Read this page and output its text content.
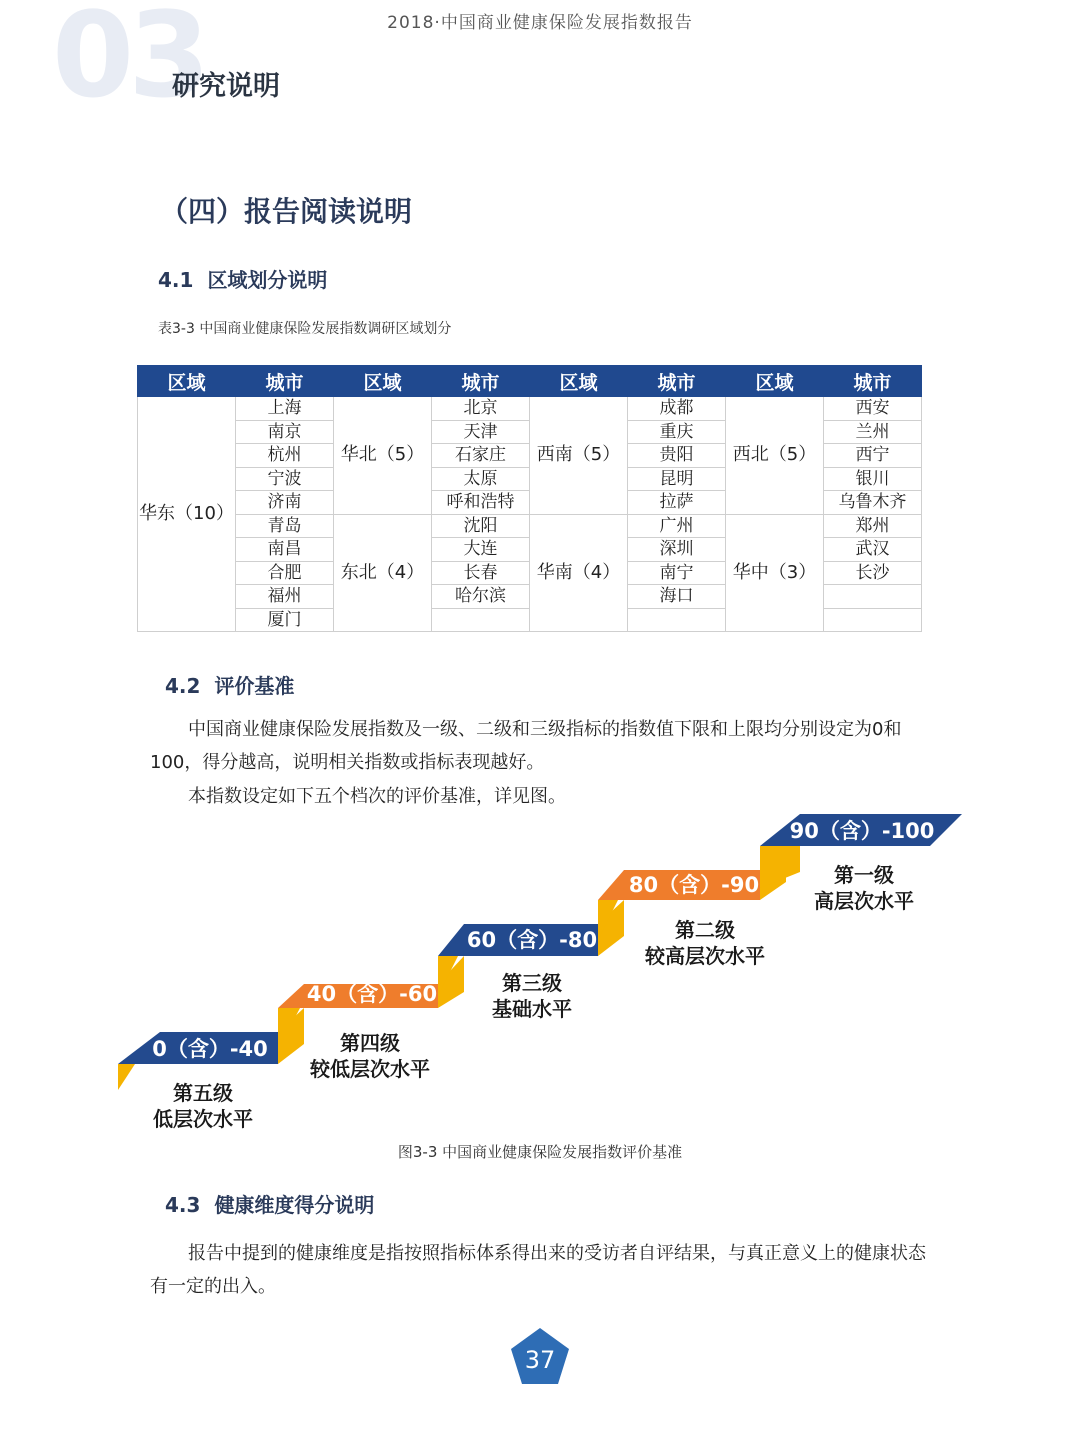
2018·中国商业健康保险发展指数报告
03
研究说明
（四）报告阅读说明
4.1 区域划分说明
表3-3 中国商业健康保险发展指数调研区域划分
区域	城市	区域	城市	区域	城市	区域	城市
华东（10）	上海	华北（5）	北京	西南（5）	成都	西北（5）	西安
	南京		天津		重庆		兰州
	杭州		石家庄		贵阳		西宁
	宁波		太原		昆明		银川
	济南		呼和浩特		拉萨		乌鲁木齐
	青岛	东北（4）	沈阳	华南（4）	广州	华中（3）	郑州
	南昌		大连		深圳		武汉
	合肥		长春		南宁		长沙
	福州		哈尔滨		海口		
	厦门						
4.2 评价基准
中国商业健康保险发展指数及一级、二级和三级指标的指数值下限和上限均分别设定为0和100，得分越高，说明相关指数或指标表现越好。
本指数设定如下五个档次的评价基准，详见图。
0（含）-40
40（含）-60
60（含）-80
80（含）-90
90（含）-100
第五级
低层次水平
第四级
较低层次水平
第三级
基础水平
第二级
较高层次水平
第一级
高层次水平
图3-3 中国商业健康保险发展指数评价基准
4.3 健康维度得分说明
报告中提到的健康维度是指按照指标体系得出来的受访者自评结果，与真正意义上的健康状态有一定的出入。
37
